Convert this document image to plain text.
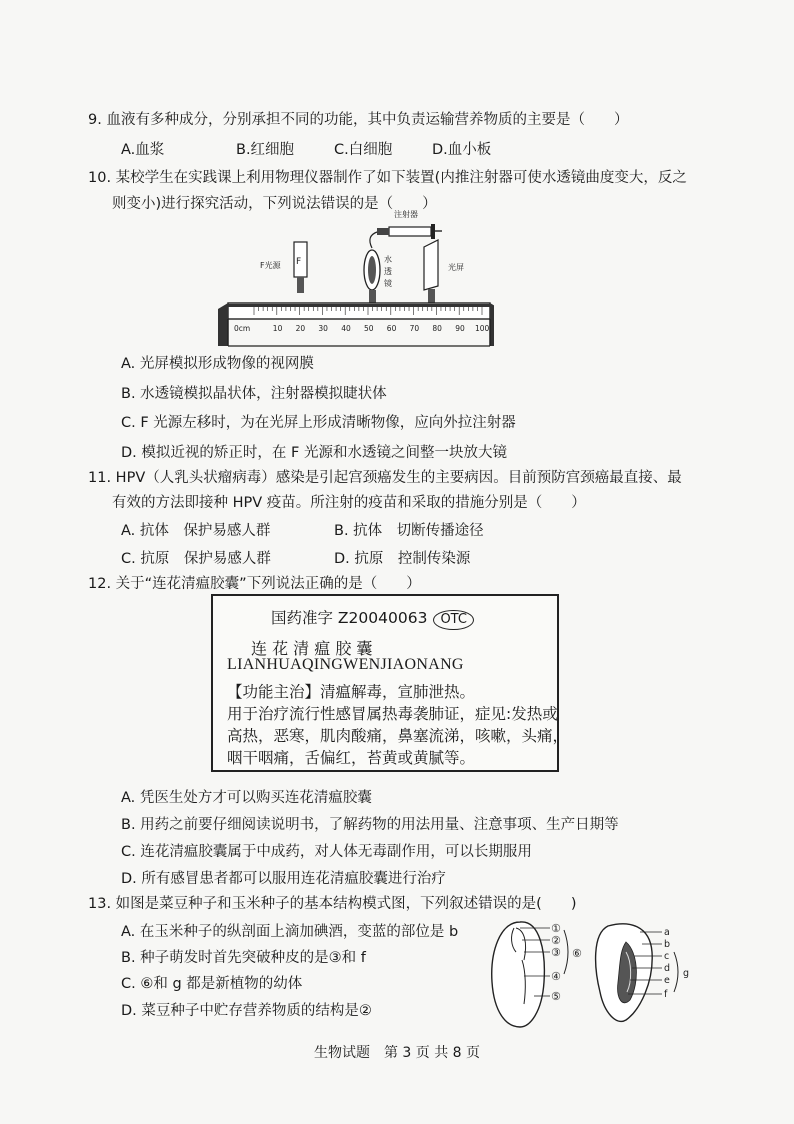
9. 血液有多种成分，分别承担不同的功能，其中负责运输营养物质的主要是（　　）
A.血浆	B.红细胞	C.白细胞	D.血小板
10. 某校学生在实践课上利用物理仪器制作了如下装置(内推注射器可使水透镜曲度变大，反之
则变小)进行探究活动，下列说法错误的是（　　）
注射器
F
F光源
水
透
镜
光屏
0cm	10 20 30 40 50 60 70 80 90 100
A. 光屏模拟形成物像的视网膜
B. 水透镜模拟晶状体，注射器模拟睫状体
C. F 光源左移时，为在光屏上形成清晰物像，应向外拉注射器
D. 模拟近视的矫正时，在 F 光源和水透镜之间整一块放大镜
11. HPV（人乳头状瘤病毒）感染是引起宫颈癌发生的主要病因。目前预防宫颈癌最直接、最
有效的方法即接种 HPV 疫苗。所注射的疫苗和采取的措施分别是（　　）
A. 抗体　保护易感人群	B. 抗体　切断传播途径
C. 抗原　保护易感人群	D. 抗原　控制传染源
12. 关于“连花清瘟胶囊”下列说法正确的是（　　）
国药准字 Z20040063 OTC
连 花 清 瘟 胶 囊
LIANHUAQINGWENJIAONANG
【功能主治】清瘟解毒，宣肺泄热。
用于治疗流行性感冒属热毒袭肺证，症见:发热或
高热，恶寒，肌肉酸痛，鼻塞流涕，咳嗽，头痛，
咽干咽痛，舌偏红，苔黄或黄腻等。
A. 凭医生处方才可以购买连花清瘟胶囊
B. 用药之前要仔细阅读说明书，了解药物的用法用量、注意事项、生产日期等
C. 连花清瘟胶囊属于中成药，对人体无毒副作用，可以长期服用
D. 所有感冒患者都可以服用连花清瘟胶囊进行治疗
13. 如图是菜豆种子和玉米种子的基本结构模式图，下列叙述错误的是(　　)
A. 在玉米种子的纵剖面上滴加碘酒，变蓝的部位是 b
B. 种子萌发时首先突破种皮的是③和 f
C. ⑥和 g 都是新植物的幼体
D. 菜豆种子中贮存营养物质的结构是②
①
②
③
④
⑤
⑥
a
b
c
d
e
f
g
生物试题　第 3 页 共 8 页
